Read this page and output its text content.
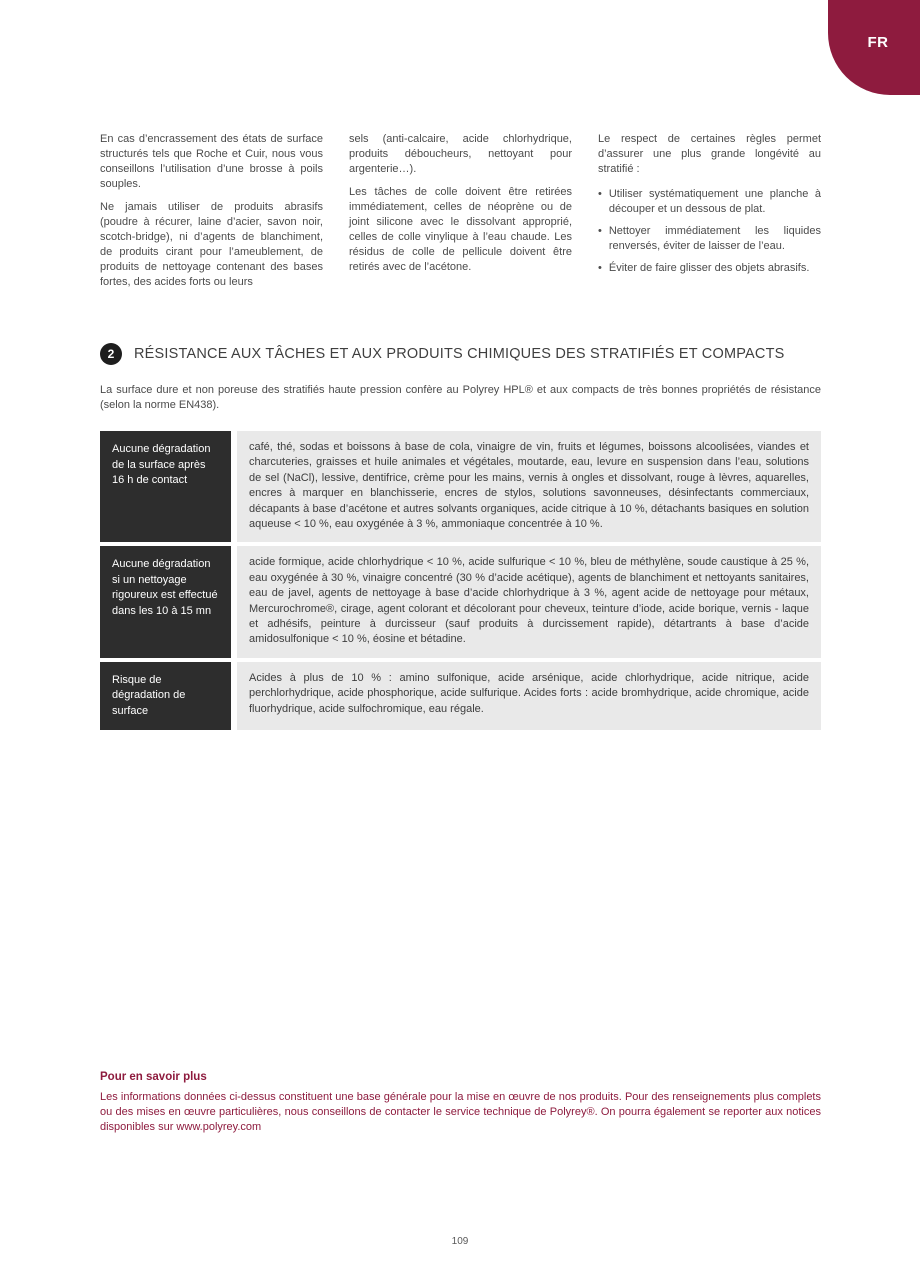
FR

En cas d’encrassement des états de surface structurés tels que Roche et Cuir, nous vous conseillons l’utilisation d’une brosse à poils souples.

Ne jamais utiliser de produits abrasifs (poudre à récurer, laine d’acier, savon noir, scotch-bridge), ni d’agents de blanchiment, de produits cirant pour l’ameublement, de produits de nettoyage contenant des bases fortes, des acides forts ou leurs

sels (anti-calcaire, acide chlorhydrique, produits déboucheurs, nettoyant pour argenterie…).

Les tâches de colle doivent être retirées immédiatement, celles de néoprène ou de joint silicone avec le dissolvant approprié, celles de colle vinylique à l’eau chaude. Les résidus de colle de pellicule doivent être retirés avec de l’acétone.

Le respect de certaines règles permet d’assurer une plus grande longévité au stratifié :

• Utiliser systématiquement une planche à découper et un dessous de plat.
• Nettoyer immédiatement les liquides renversés, éviter de laisser de l’eau.
• Éviter de faire glisser des objets abrasifs.
2 RÉSISTANCE AUX TÂCHES ET AUX PRODUITS CHIMIQUES DES STRATIFIÉS ET COMPACTS

La surface dure et non poreuse des stratifiés haute pression confère au Polyrey HPL® et aux compacts de très bonnes propriétés de résistance (selon la norme EN438).

Aucune dégradation de la surface après 16 h de contact
café, thé, sodas et boissons à base de cola, vinaigre de vin, fruits et légumes, boissons alcoolisées, viandes et charcuteries, graisses et huile animales et végétales, moutarde, eau, levure en suspension dans l’eau, solutions de sel (NaCl), lessive, dentifrice, crème pour les mains, vernis à ongles et dissolvant, rouge à lèvres, aquarelles, encres à marquer en blanchisserie, encres de stylos, solutions savonneuses, désinfectants commerciaux, décapants à base d’acétone et autres solvants organiques, acide citrique à 10 %, détachants basiques en solution aqueuse < 10 %, eau oxygénée à 3 %, ammoniaque concentrée à 10 %.
Aucune dégradation si un nettoyage rigoureux est effectué dans les 10 à 15 mn
acide formique, acide chlorhydrique < 10 %, acide sulfurique < 10 %, bleu de méthylène, soude caustique à 25 %, eau oxygénée à 30 %, vinaigre concentré (30 % d’acide acétique), agents de blanchiment et nettoyants sanitaires, eau de javel, agents de nettoyage à base d’acide chlorhydrique à 3 %, agent acide de nettoyage pour métaux, Mercurochrome®, cirage, agent colorant et décolorant pour cheveux, teinture d’iode, acide borique, vernis - laque et adhésifs, peinture à durcisseur (sauf produits à durcissement rapide), détartrants à base d’acide amidosulfonique < 10 %, éosine et bétadine.
Risque de dégradation de surface
Acides à plus de 10 % : amino sulfonique, acide arsénique, acide chlorhydrique, acide nitrique, acide perchlorhydrique, acide phosphorique, acide sulfurique. Acides forts : acide bromhydrique, acide chromique, acide fluorhydrique, acide sulfochromique, eau régale.

Pour en savoir plus

Les informations données ci-dessus constituent une base générale pour la mise en œuvre de nos produits. Pour des renseignements plus complets ou des mises en œuvre particulières, nous conseillons de contacter le service technique de Polyrey®. On pourra également se reporter aux notices disponibles sur www.polyrey.com

109
